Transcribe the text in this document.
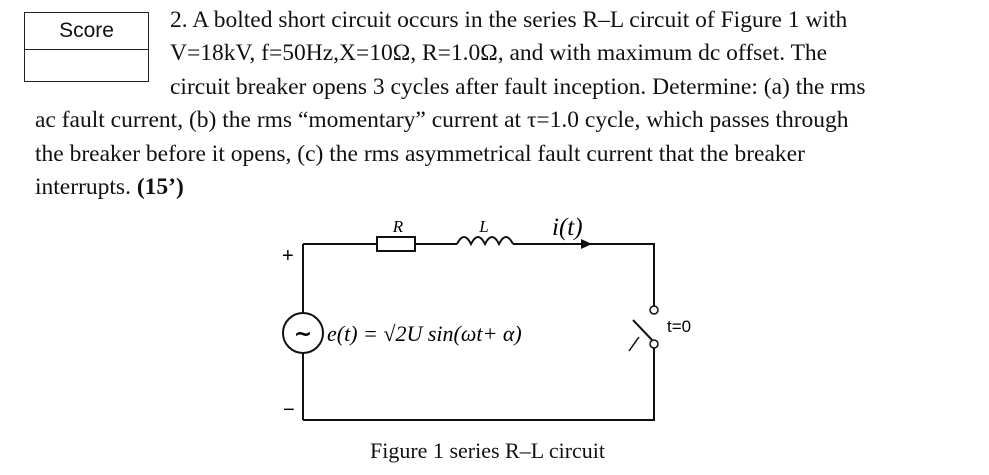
Score	2. A bolted short circuit occurs in the series R–L circuit of Figure 1 with
V=18kV, f=50Hz,X=10Ω, R=1.0Ω, and with maximum dc offset. The
circuit breaker opens 3 cycles after fault inception. Determine: (a) the rms
ac fault current, (b) the rms “momentary” current at τ=1.0 cycle, which passes through
the breaker before it opens, (c) the rms asymmetrical fault current that the breaker
interrupts. (15’)
R	L	i(t)
+
−
~ e(t) = √2U sin(ωt+ α)	t=0
Figure 1 series R–L circuit
